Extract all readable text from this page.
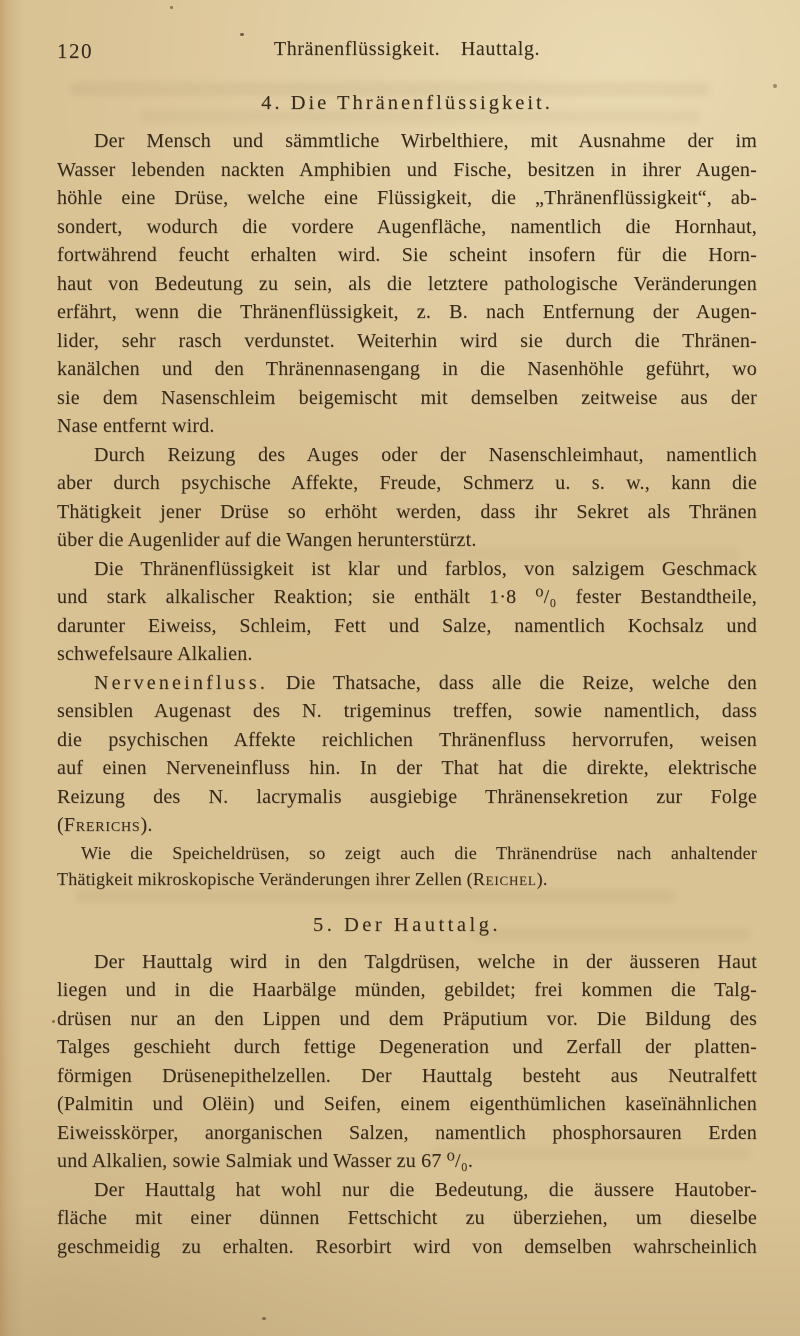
120	Thränenflüssigkeit. Hauttalg.
4. Die Thränenflüssigkeit.
Der Mensch und sämmtliche Wirbelthiere, mit Ausnahme der im
Wasser lebenden nackten Amphibien und Fische, besitzen in ihrer Augen-
höhle eine Drüse, welche eine Flüssigkeit, die „Thränenflüssigkeit“, ab-
sondert, wodurch die vordere Augenfläche, namentlich die Hornhaut,
fortwährend feucht erhalten wird. Sie scheint insofern für die Horn-
haut von Bedeutung zu sein, als die letztere pathologische Veränderungen
erfährt, wenn die Thränenflüssigkeit, z. B. nach Entfernung der Augen-
lider, sehr rasch verdunstet. Weiterhin wird sie durch die Thränen-
kanälchen und den Thränennasengang in die Nasenhöhle geführt, wo
sie dem Nasenschleim beigemischt mit demselben zeitweise aus der
Nase entfernt wird.
Durch Reizung des Auges oder der Nasenschleimhaut, namentlich
aber durch psychische Affekte, Freude, Schmerz u. s. w., kann die
Thätigkeit jener Drüse so erhöht werden, dass ihr Sekret als Thränen
über die Augenlider auf die Wangen herunterstürzt.
Die Thränenflüssigkeit ist klar und farblos, von salzigem Geschmack
und stark alkalischer Reaktion; sie enthält 1·8 ⁰/₀ fester Bestandtheile,
darunter Eiweiss, Schleim, Fett und Salze, namentlich Kochsalz und
schwefelsaure Alkalien.
Nerveneinfluss. Die Thatsache, dass alle die Reize, welche den
sensiblen Augenast des N. trigeminus treffen, sowie namentlich, dass
die psychischen Affekte reichlichen Thränenfluss hervorrufen, weisen
auf einen Nerveneinfluss hin. In der That hat die direkte, elektrische
Reizung des N. lacrymalis ausgiebige Thränensekretion zur Folge
(Frerichs).
Wie die Speicheldrüsen, so zeigt auch die Thränendrüse nach anhaltender
Thätigkeit mikroskopische Veränderungen ihrer Zellen (Reichel).
5. Der Hauttalg.
Der Hauttalg wird in den Talgdrüsen, welche in der äusseren Haut
liegen und in die Haarbälge münden, gebildet; frei kommen die Talg-
drüsen nur an den Lippen und dem Präputium vor. Die Bildung des
Talges geschieht durch fettige Degeneration und Zerfall der platten-
förmigen Drüsenepithelzellen. Der Hauttalg besteht aus Neutralfett
(Palmitin und Olëin) und Seifen, einem eigenthümlichen kaseïnähnlichen
Eiweisskörper, anorganischen Salzen, namentlich phosphorsauren Erden
und Alkalien, sowie Salmiak und Wasser zu 67 ⁰/₀.
Der Hauttalg hat wohl nur die Bedeutung, die äussere Hautober-
fläche mit einer dünnen Fettschicht zu überziehen, um dieselbe
geschmeidig zu erhalten. Resorbirt wird von demselben wahrscheinlich
